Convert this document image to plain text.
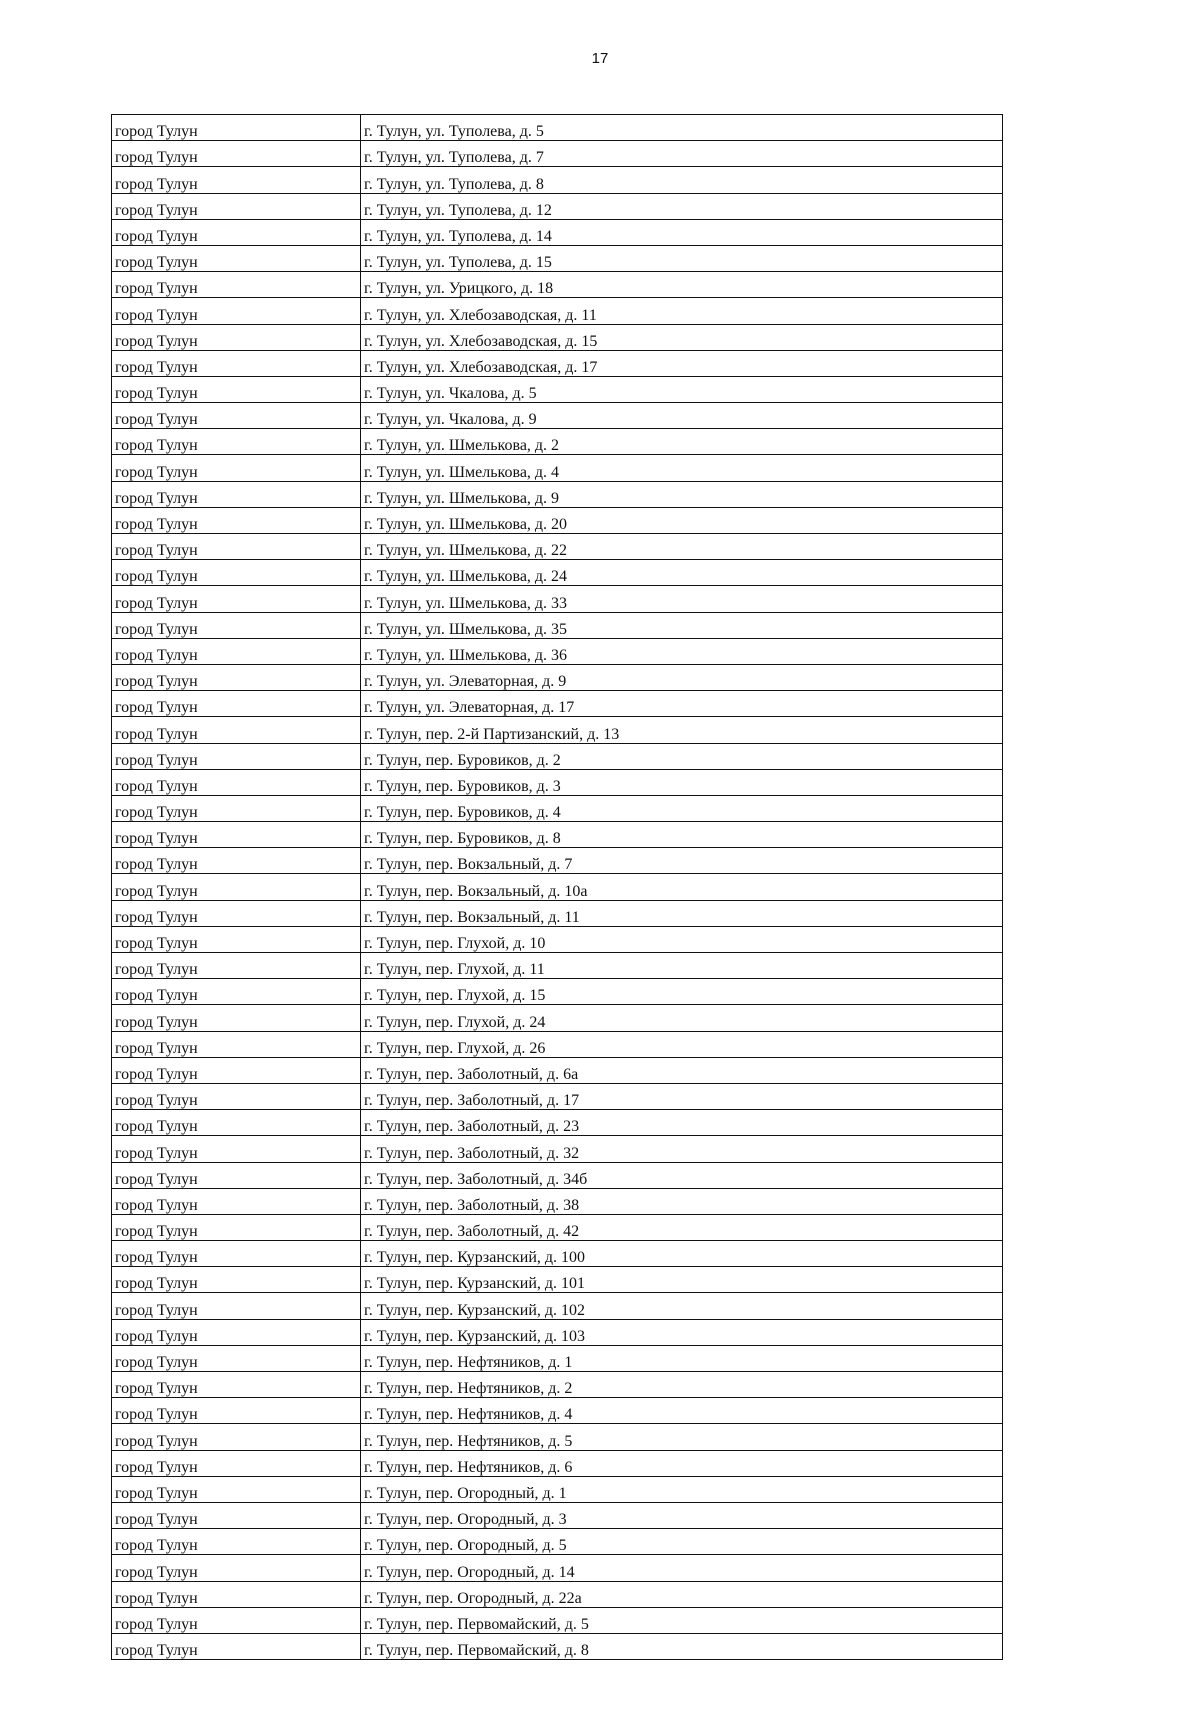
17
город Тулун	г. Тулун, ул. Туполева, д. 5
город Тулун	г. Тулун, ул. Туполева, д. 7
город Тулун	г. Тулун, ул. Туполева, д. 8
город Тулун	г. Тулун, ул. Туполева, д. 12
город Тулун	г. Тулун, ул. Туполева, д. 14
город Тулун	г. Тулун, ул. Туполева, д. 15
город Тулун	г. Тулун, ул. Урицкого, д. 18
город Тулун	г. Тулун, ул. Хлебозаводская, д. 11
город Тулун	г. Тулун, ул. Хлебозаводская, д. 15
город Тулун	г. Тулун, ул. Хлебозаводская, д. 17
город Тулун	г. Тулун, ул. Чкалова, д. 5
город Тулун	г. Тулун, ул. Чкалова, д. 9
город Тулун	г. Тулун, ул. Шмелькова, д. 2
город Тулун	г. Тулун, ул. Шмелькова, д. 4
город Тулун	г. Тулун, ул. Шмелькова, д. 9
город Тулун	г. Тулун, ул. Шмелькова, д. 20
город Тулун	г. Тулун, ул. Шмелькова, д. 22
город Тулун	г. Тулун, ул. Шмелькова, д. 24
город Тулун	г. Тулун, ул. Шмелькова, д. 33
город Тулун	г. Тулун, ул. Шмелькова, д. 35
город Тулун	г. Тулун, ул. Шмелькова, д. 36
город Тулун	г. Тулун, ул. Элеваторная, д. 9
город Тулун	г. Тулун, ул. Элеваторная, д. 17
город Тулун	г. Тулун, пер. 2-й Партизанский, д. 13
город Тулун	г. Тулун, пер. Буровиков, д. 2
город Тулун	г. Тулун, пер. Буровиков, д. 3
город Тулун	г. Тулун, пер. Буровиков, д. 4
город Тулун	г. Тулун, пер. Буровиков, д. 8
город Тулун	г. Тулун, пер. Вокзальный, д. 7
город Тулун	г. Тулун, пер. Вокзальный, д. 10а
город Тулун	г. Тулун, пер. Вокзальный, д. 11
город Тулун	г. Тулун, пер. Глухой, д. 10
город Тулун	г. Тулун, пер. Глухой, д. 11
город Тулун	г. Тулун, пер. Глухой, д. 15
город Тулун	г. Тулун, пер. Глухой, д. 24
город Тулун	г. Тулун, пер. Глухой, д. 26
город Тулун	г. Тулун, пер. Заболотный, д. 6а
город Тулун	г. Тулун, пер. Заболотный, д. 17
город Тулун	г. Тулун, пер. Заболотный, д. 23
город Тулун	г. Тулун, пер. Заболотный, д. 32
город Тулун	г. Тулун, пер. Заболотный, д. 34б
город Тулун	г. Тулун, пер. Заболотный, д. 38
город Тулун	г. Тулун, пер. Заболотный, д. 42
город Тулун	г. Тулун, пер. Курзанский, д. 100
город Тулун	г. Тулун, пер. Курзанский, д. 101
город Тулун	г. Тулун, пер. Курзанский, д. 102
город Тулун	г. Тулун, пер. Курзанский, д. 103
город Тулун	г. Тулун, пер. Нефтяников, д. 1
город Тулун	г. Тулун, пер. Нефтяников, д. 2
город Тулун	г. Тулун, пер. Нефтяников, д. 4
город Тулун	г. Тулун, пер. Нефтяников, д. 5
город Тулун	г. Тулун, пер. Нефтяников, д. 6
город Тулун	г. Тулун, пер. Огородный, д. 1
город Тулун	г. Тулун, пер. Огородный, д. 3
город Тулун	г. Тулун, пер. Огородный, д. 5
город Тулун	г. Тулун, пер. Огородный, д. 14
город Тулун	г. Тулун, пер. Огородный, д. 22а
город Тулун	г. Тулун, пер. Первомайский, д. 5
город Тулун	г. Тулун, пер. Первомайский, д. 8
